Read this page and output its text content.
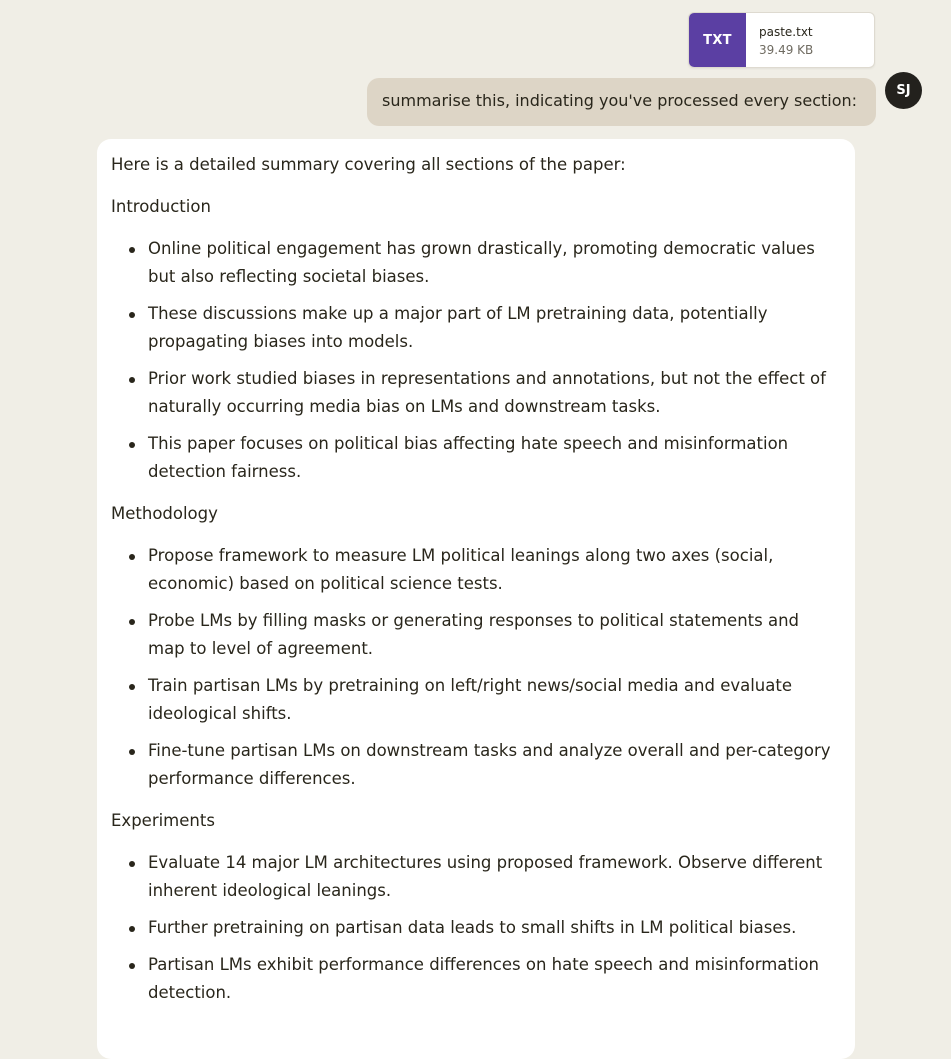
TXT
paste.txt
39.49 KB
summarise this, indicating you've processed every section:
SJ

Here is a detailed summary covering all sections of the paper:

Introduction

Online political engagement has grown drastically, promoting democratic values but also reflecting societal biases.
These discussions make up a major part of LM pretraining data, potentially propagating biases into models.
Prior work studied biases in representations and annotations, but not the effect of naturally occurring media bias on LMs and downstream tasks.
This paper focuses on political bias affecting hate speech and misinformation detection fairness.

Methodology

Propose framework to measure LM political leanings along two axes (social, economic) based on political science tests.
Probe LMs by filling masks or generating responses to political statements and map to level of agreement.
Train partisan LMs by pretraining on left/right news/social media and evaluate ideological shifts.
Fine-tune partisan LMs on downstream tasks and analyze overall and per-category performance differences.

Experiments

Evaluate 14 major LM architectures using proposed framework. Observe different inherent ideological leanings.
Further pretraining on partisan data leads to small shifts in LM political biases.
Partisan LMs exhibit performance differences on hate speech and misinformation detection.
